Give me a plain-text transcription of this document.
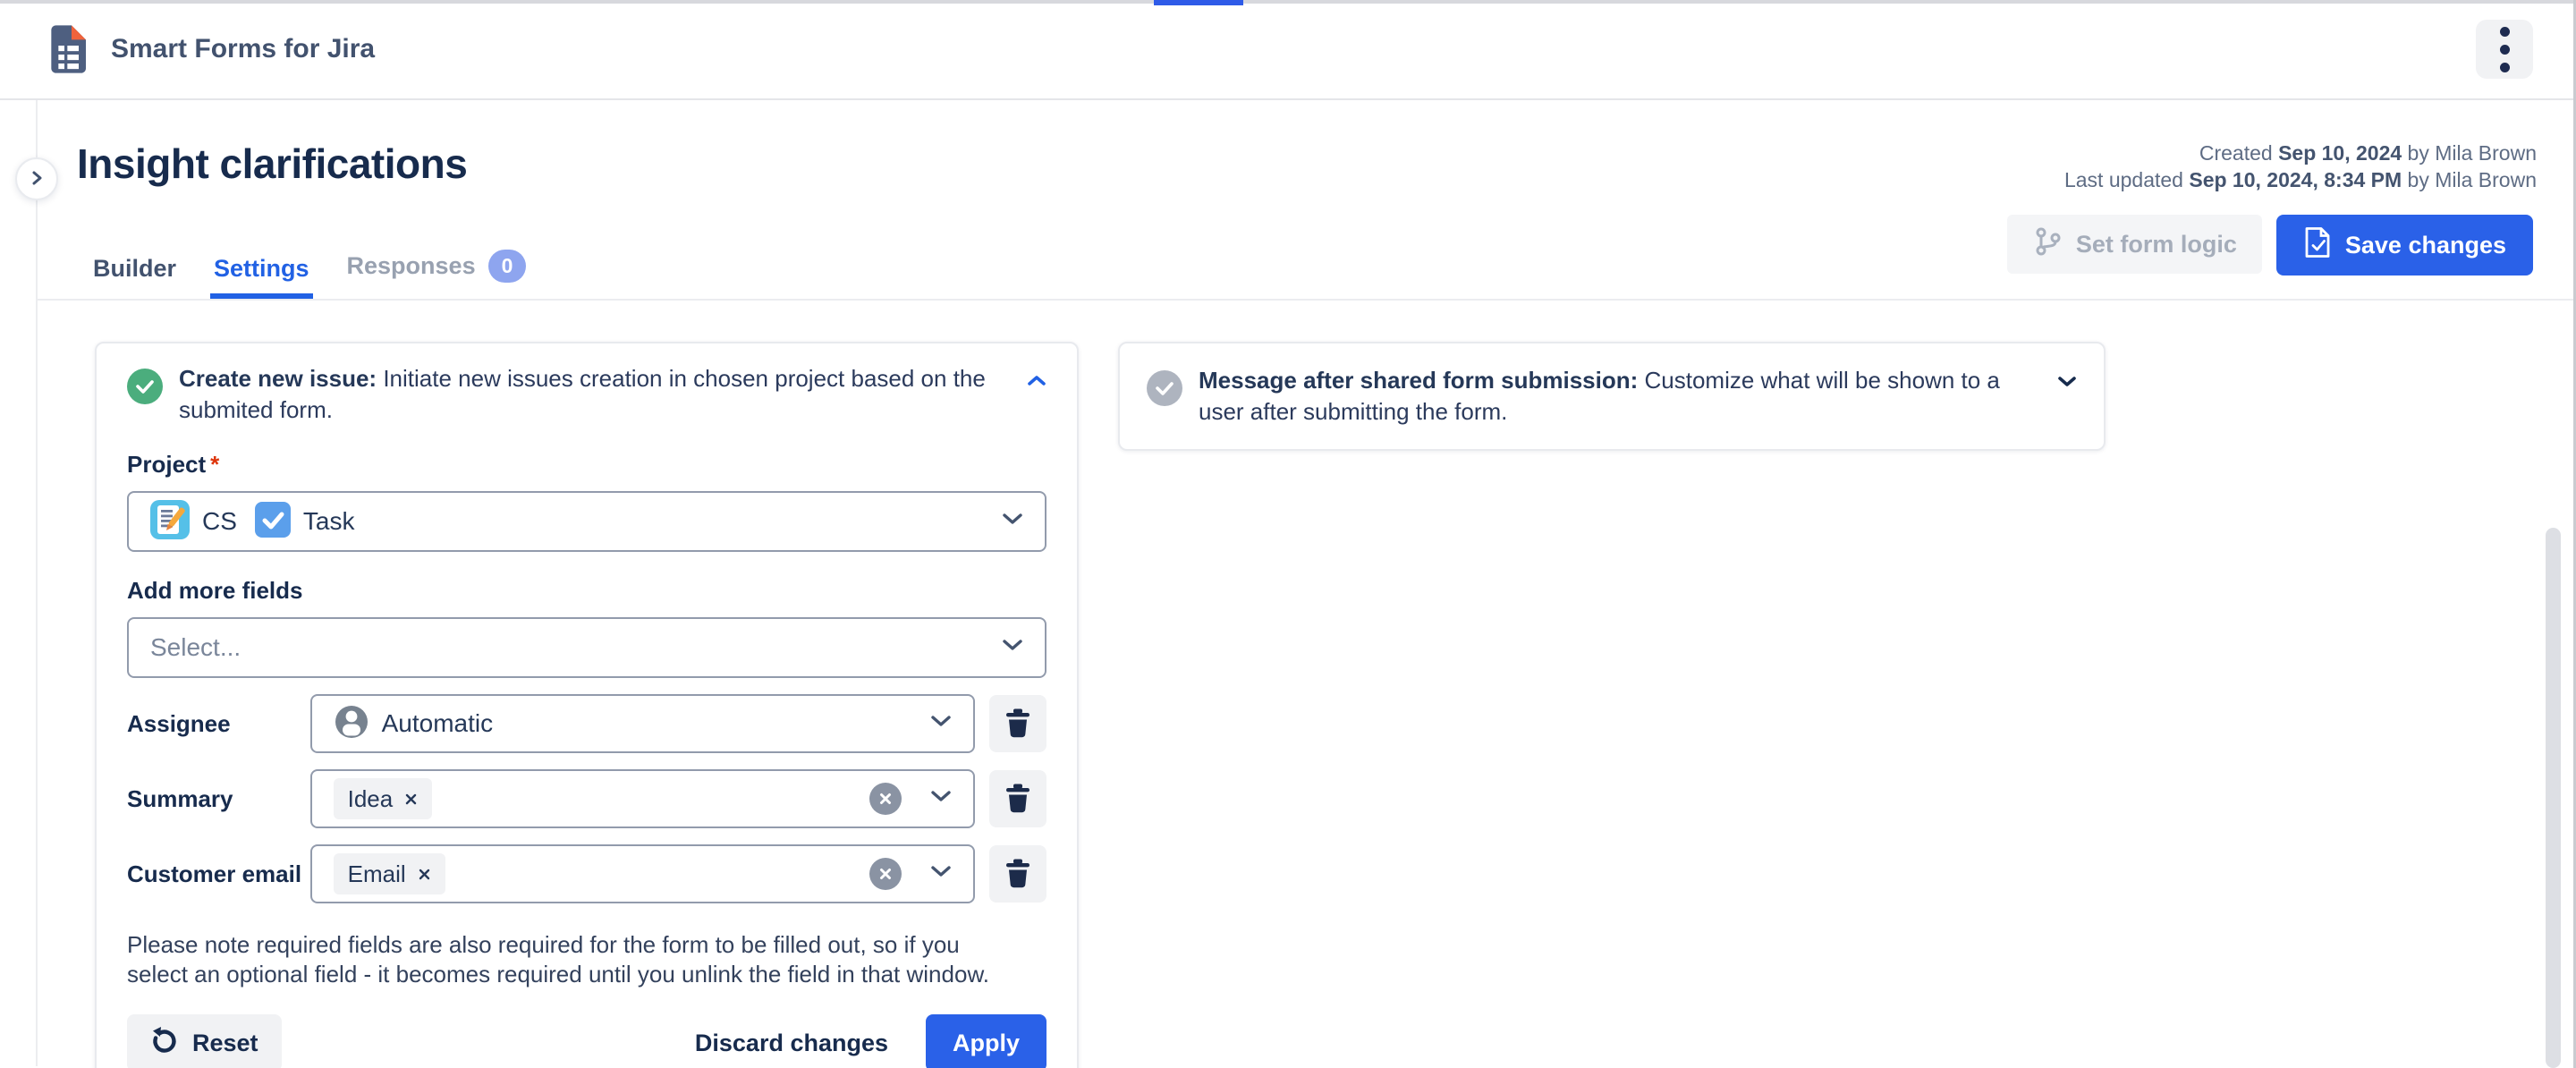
Smart Forms for Jira
Insight clarifications	Created Sep 10, 2024 by Mila Brown
Last updated Sep 10, 2024, 8:34 PM by Mila Brown
Builder Settings Responses	0
Set form logic	Save changes
Create new issue: Initiate new issues creation in chosen project based on the submited form.
Project *
CS	Task
Add more fields
Select...
Assignee	Automatic
Summary	Idea
Customer email	Email

Please note required fields are also required for the form to be filled out, so if you select an optional field - it becomes required until you unlink the field in that window.

Reset	Discard changes	Apply
Message after shared form submission: Customize what will be shown to a user after submitting the form.
